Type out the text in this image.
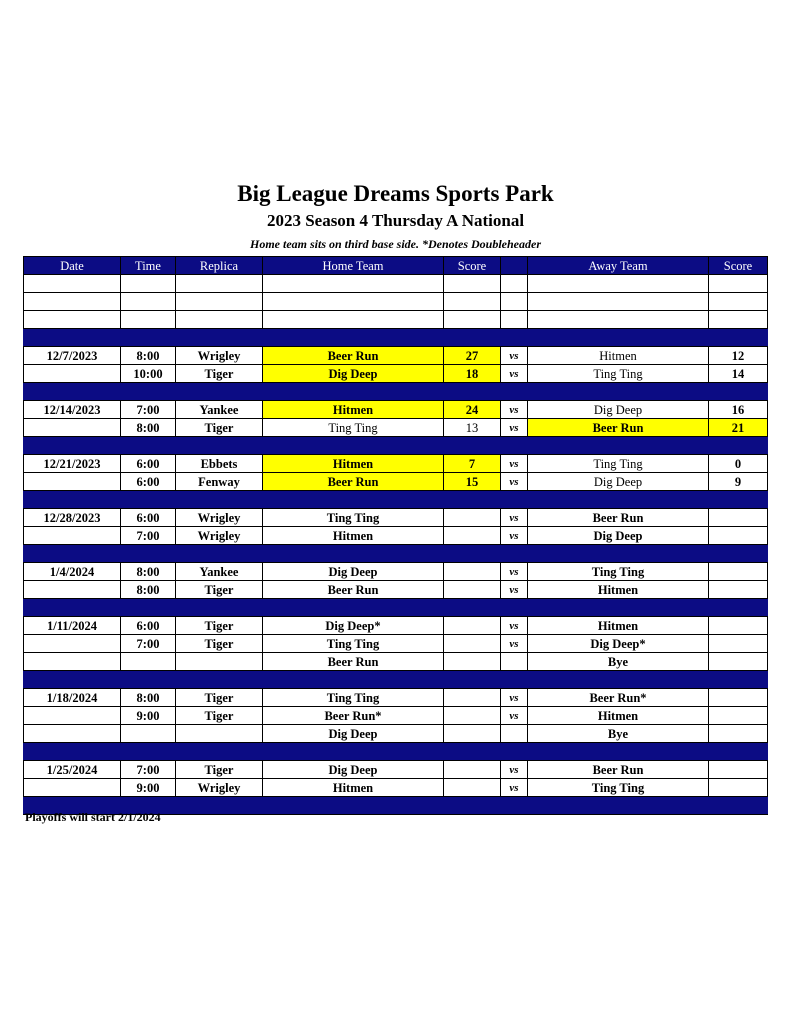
Big League Dreams Sports Park
2023 Season 4 Thursday A National
Home team sits on third base side. *Denotes Doubleheader
Date	Time	Replica	Home Team	Score		Away Team	Score

12/7/2023	8:00	Wrigley	Beer Run	27	vs	Hitmen	12
	10:00	Tiger	Dig Deep	18	vs	Ting Ting	14

12/14/2023	7:00	Yankee	Hitmen	24	vs	Dig Deep	16
	8:00	Tiger	Ting Ting	13	vs	Beer Run	21

12/21/2023	6:00	Ebbets	Hitmen	7	vs	Ting Ting	0
	6:00	Fenway	Beer Run	15	vs	Dig Deep	9

12/28/2023	6:00	Wrigley	Ting Ting		vs	Beer Run	
	7:00	Wrigley	Hitmen		vs	Dig Deep	

1/4/2024	8:00	Yankee	Dig Deep		vs	Ting Ting	
	8:00	Tiger	Beer Run		vs	Hitmen	

1/11/2024	6:00	Tiger	Dig Deep*		vs	Hitmen	
	7:00	Tiger	Ting Ting		vs	Dig Deep*	
			Beer Run			Bye	

1/18/2024	8:00	Tiger	Ting Ting		vs	Beer Run*	
	9:00	Tiger	Beer Run*		vs	Hitmen	
			Dig Deep			Bye	

1/25/2024	7:00	Tiger	Dig Deep		vs	Beer Run	
	9:00	Wrigley	Hitmen		vs	Ting Ting	

Playoffs will start 2/1/2024
